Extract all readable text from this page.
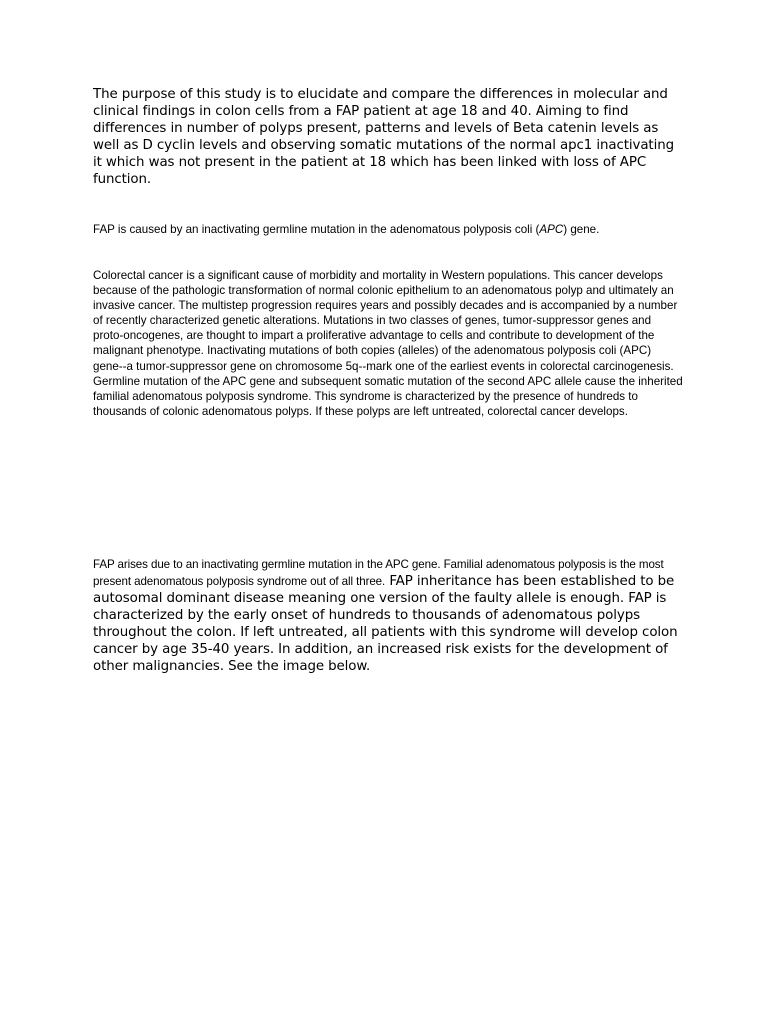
The purpose of this study is to elucidate and compare the differences in molecular and clinical findings in colon cells from a FAP patient at age 18 and 40. Aiming to find differences in number of polyps present, patterns and levels of Beta catenin levels as well as D cyclin levels and observing somatic mutations of the normal apc1 inactivating it which was not present in the patient at 18 which has been linked with loss of APC function.

FAP is caused by an inactivating germline mutation in the adenomatous polyposis coli (APC) gene.

Colorectal cancer is a significant cause of morbidity and mortality in Western populations. This cancer develops because of the pathologic transformation of normal colonic epithelium to an adenomatous polyp and ultimately an invasive cancer. The multistep progression requires years and possibly decades and is accompanied by a number of recently characterized genetic alterations. Mutations in two classes of genes, tumor-suppressor genes and proto-oncogenes, are thought to impart a proliferative advantage to cells and contribute to development of the malignant phenotype. Inactivating mutations of both copies (alleles) of the adenomatous polyposis coli (APC) gene--a tumor-suppressor gene on chromosome 5q--mark one of the earliest events in colorectal carcinogenesis. Germline mutation of the APC gene and subsequent somatic mutation of the second APC allele cause the inherited familial adenomatous polyposis syndrome. This syndrome is characterized by the presence of hundreds to thousands of colonic adenomatous polyps. If these polyps are left untreated, colorectal cancer develops.

FAP arises due to an inactivating germline mutation in the APC gene. Familial adenomatous polyposis is the most present adenomatous polyposis syndrome out of all three. FAP inheritance has been established to be autosomal dominant disease meaning one version of the faulty allele is enough. FAP is characterized by the early onset of hundreds to thousands of adenomatous polyps throughout the colon. If left untreated, all patients with this syndrome will develop colon cancer by age 35-40 years. In addition, an increased risk exists for the development of other malignancies. See the image below.
